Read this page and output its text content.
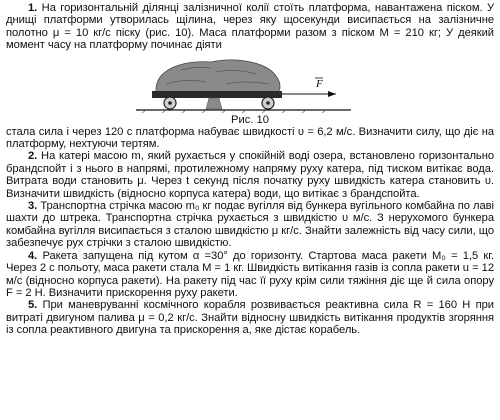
1. На горизонтальній ділянці залізничної колії стоїть платформа, навантажена піском. У днищі платформи утворилась щілина, через яку щосекунди висипається на залізничне полотно μ = 10 кг/с піску (рис. 10). Маса платформи разом з піском M = 210 кг; У деякий момент часу на платформу починає діяти

F
Рис. 10

стала сила і через 120 с платформа набуває швидкості υ = 6,2 м/с. Визначити силу, що діє на платформу, нехтуючи тертям.

2. На катері масою m, який рухається у спокійній воді озера, встановлено горизонтально брандспойт і з нього в напрямі, протилежному напряму руху катера, під тиском витікає вода. Витрата води становить μ. Через t секунд після початку руху швидкість катера становить υ. Визначити швидкість (відносно корпуса катера) води, що витікає з брандспойта.

3. Транспортна стрічка масою m₀ кг подає вугілля від бункера вугільного комбайна по лаві шахти до штрека. Транспортна стрічка рухається з швидкістю υ м/с. З нерухомого бункера комбайна вугілля висипається з сталою швидкістю μ кг/с. Знайти залежність від часу сили, що забезпечує рух стрічки з сталою швидкістю.

4. Ракета запущена під кутом α =30° до горизонту. Стартова маса ракети M₀ = 1,5 кг. Через 2 с польоту, маса ракети стала M = 1 кг. Швидкість витікання газів із сопла ракети u = 12 м/с (відносно корпуса ракети). На ракету під час її руху крім сили тяжіння діє ще й сила опору F = 2 H. Визначити прискорення руху ракети.

5. При маневруванні космічного корабля розвивається реактивна сила R = 160 H при витраті двигуном палива μ = 0,2 кг/с. Знайти відносну швидкість витікання продуктів згоряння із сопла реактивного двигуна та прискорення a, яке дістає корабель.
